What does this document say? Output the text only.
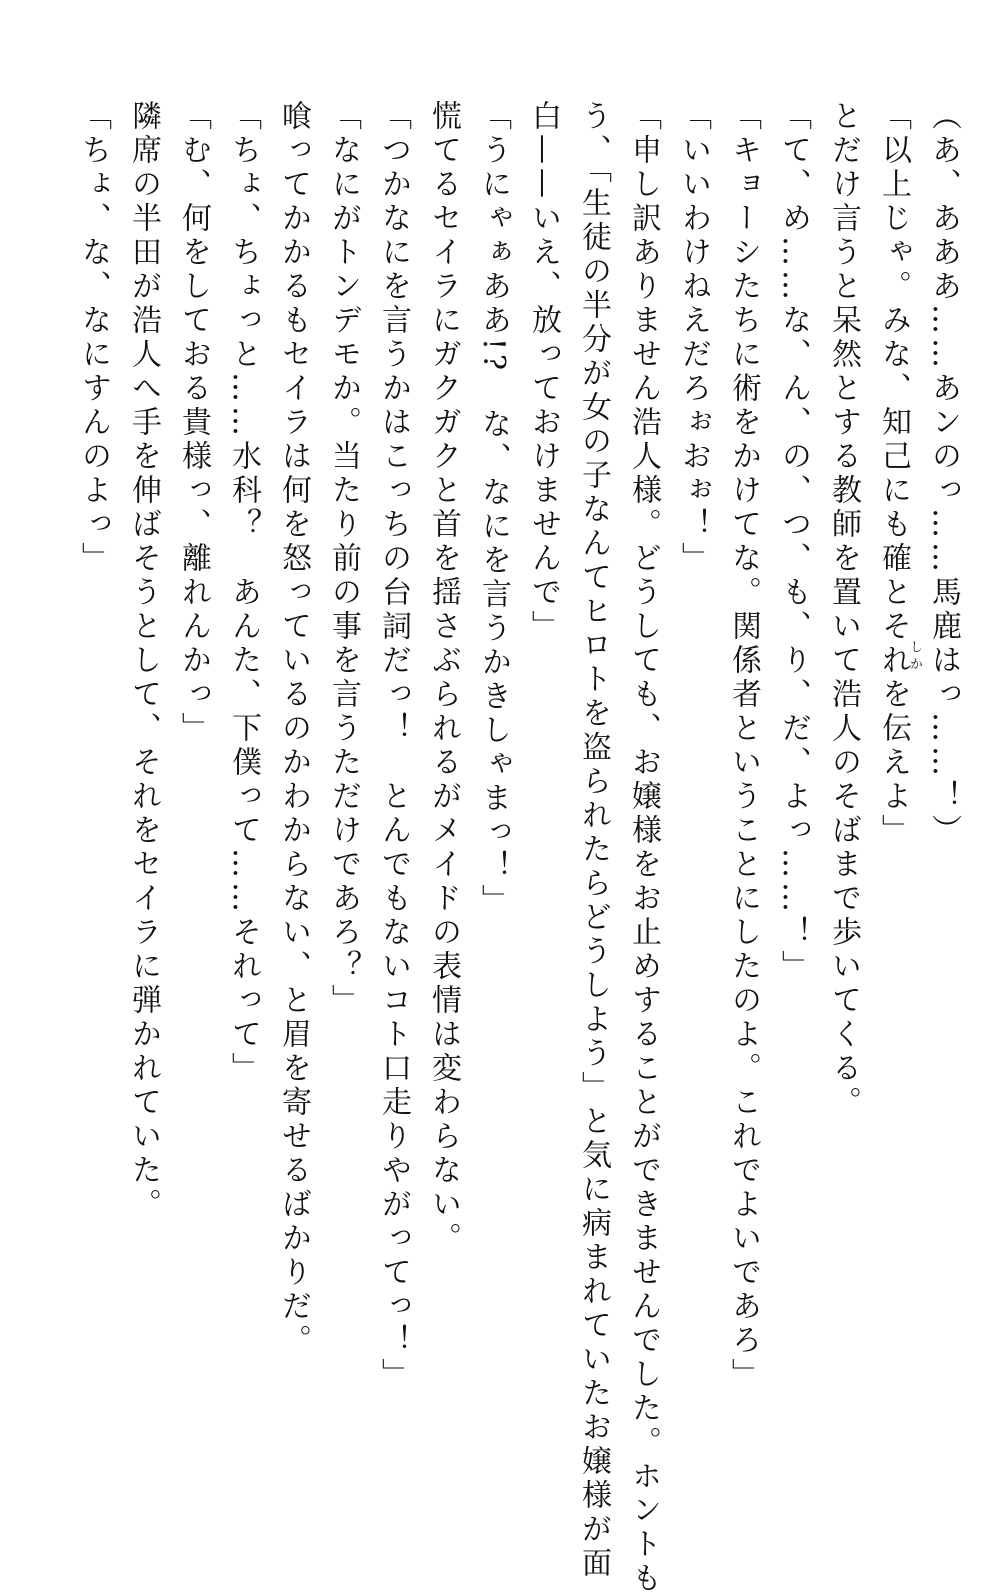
（あ、あああ……あンのっ……馬鹿はっ……！）
「以上じゃ。みな、知己にも確とそれを伝えよ」
しか
とだけ言うと呆然とする教師を置いて浩人のそばまで歩いてくる。
「て、め……な、ん、の、つ、も、り、だ、よっ……！」
「キョーシたちに術をかけてな。関係者ということにしたのよ。これでよいであろ」
「いいわけねえだろぉおぉ！」
「申し訳ありません浩人様。どうしても、お嬢様をお止めすることができませんでした。ホントも
う、「生徒の半分が女の子なんてヒロトを盗られたらどうしよう」と気に病まれていたお嬢様が面
白——いえ、放っておけませんで」
「うにゃぁああ!?　な、なにを言うかきしゃまっ！」
慌てるセイラにガクガクと首を揺さぶられるがメイドの表情は変わらない。
「つかなにを言うかはこっちの台詞だっ！　とんでもないコト口走りやがってっ！」
「なにがトンデモか。当たり前の事を言うただけであろ？」
喰ってかかるもセイラは何を怒っているのかわからない、と眉を寄せるばかりだ。
「ちょ、ちょっと……水科？　あんた、下僕って……それって」
「む、何をしておる貴様っ、離れんかっ」
隣席の半田が浩人へ手を伸ばそうとして、それをセイラに弾かれていた。
「ちょ、な、なにすんのよっ」
